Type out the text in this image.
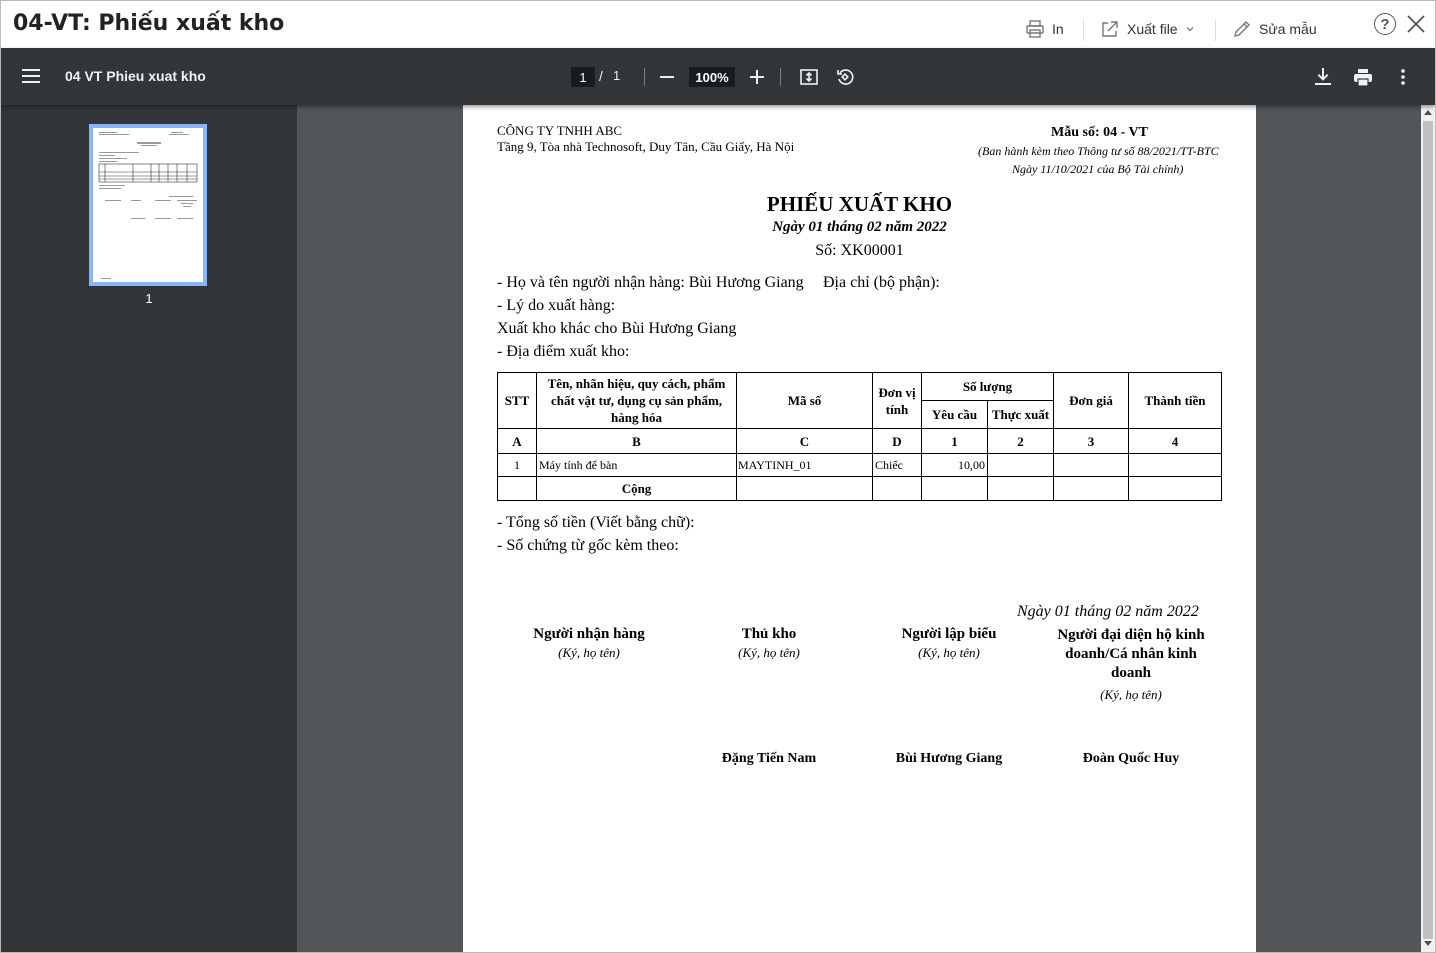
04-VT: Phiếu xuất kho	In	Xuất file	Sửa mẫu	?
04 VT Phieu xuat kho	1 / 1	100%
1
CÔNG TY TNHH ABC
Tầng 9, Tòa nhà Technosoft, Duy Tân, Cầu Giấy, Hà Nội
Mẫu số: 04 - VT
(Ban hành kèm theo Thông tư số 88/2021/TT-BTC
Ngày 11/10/2021 của Bộ Tài chính)
PHIẾU XUẤT KHO
Ngày 01 tháng 02 năm 2022
Số: XK00001
- Họ và tên người nhận hàng: Bùi Hương Giang Địa chỉ (bộ phận):
- Lý do xuất hàng:
Xuất kho khác cho Bùi Hương Giang
- Địa điểm xuất kho:
STT	Tên, nhãn hiệu, quy cách, phẩm chất vật tư, dụng cụ sản phẩm, hàng hóa	Mã số	Đơn vị tính	Số lượng		Đơn giá	Thành tiền
				Yêu cầu	Thực xuất		
A	B	C	D	1	2	3	4
1	Máy tính để bàn	MAYTINH_01	Chiếc	10,00			
	Cộng						
- Tổng số tiền (Viết bằng chữ):
- Số chứng từ gốc kèm theo:
Ngày 01 tháng 02 năm 2022
Người nhận hàng
(Ký, họ tên)
Thủ kho
(Ký, họ tên)
Người lập biểu
(Ký, họ tên)
Người đại diện hộ kinh doanh/Cá nhân kinh doanh
(Ký, họ tên)
Đặng Tiến Nam	Bùi Hương Giang	Đoàn Quốc Huy
